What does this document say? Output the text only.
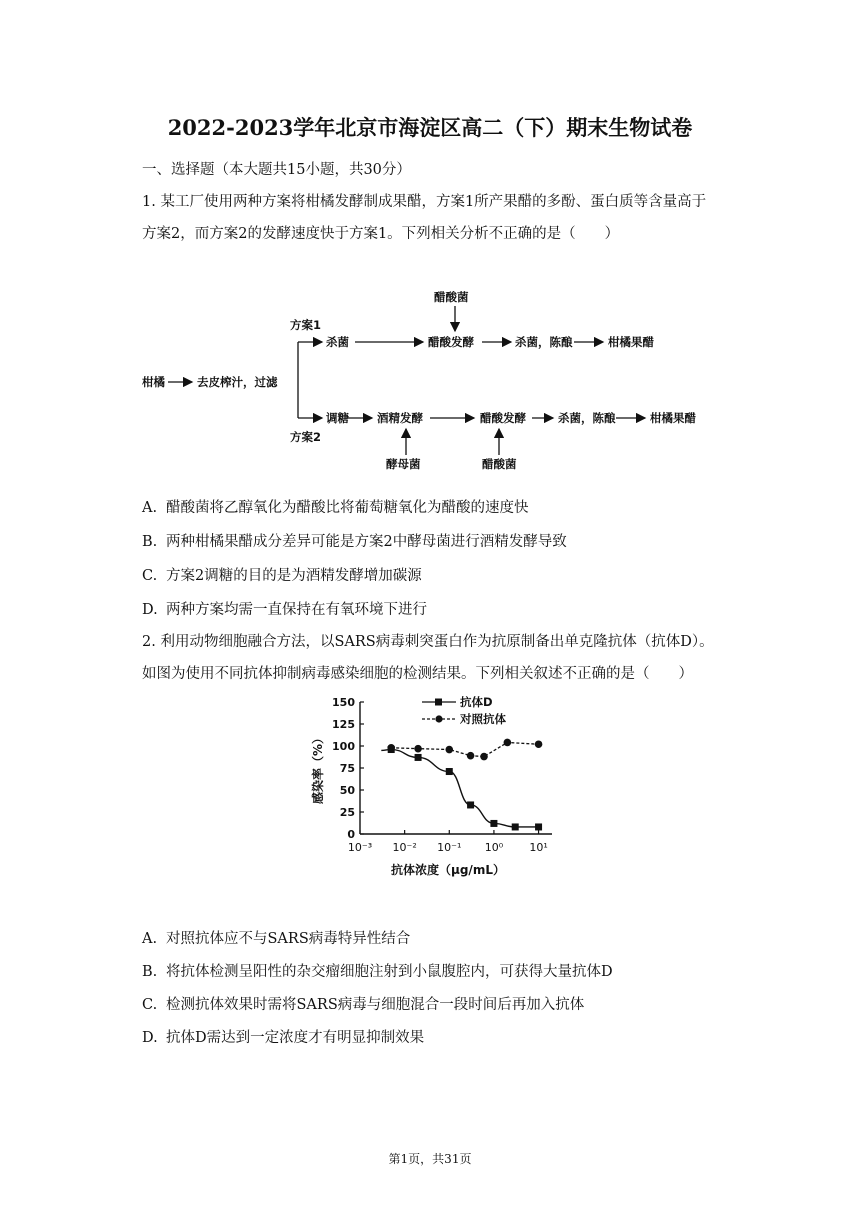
2022-2023学年北京市海淀区高二（下）期末生物试卷
一、选择题（本大题共15小题，共30分）
1. 某工厂使用两种方案将柑橘发酵制成果醋，方案1所产果醋的多酚、蛋白质等含量高于
方案2，而方案2的发酵速度快于方案1。下列相关分析不正确的是（　　）
柑橘	去皮榨汁，过滤
方案1
方案2
杀菌	醋酸发酵
醋酸菌
杀菌，陈酿	柑橘果醋
调糖 酒精发酵
酵母菌
醋酸发酵
醋酸菌
杀菌，陈酿	柑橘果醋
A. 醋酸菌将乙醇氧化为醋酸比将葡萄糖氧化为醋酸的速度快
B. 两种柑橘果醋成分差异可能是方案2中酵母菌进行酒精发酵导致
C. 方案2调糖的目的是为酒精发酵增加碳源
D. 两种方案均需一直保持在有氧环境下进行
2. 利用动物细胞融合方法，以SARS病毒刺突蛋白作为抗原制备出单克隆抗体（抗体D）。
如图为使用不同抗体抑制病毒感染细胞的检测结果。下列相关叙述不正确的是（　　）
0
25
50
75
100
125
150
10⁻³ 10⁻² 10⁻¹ 10⁰ 10¹
抗体浓度（μg/mL）
感染率（%）
抗体D
对照抗体
A. 对照抗体应不与SARS病毒特异性结合
B. 将抗体检测呈阳性的杂交瘤细胞注射到小鼠腹腔内，可获得大量抗体D
C. 检测抗体效果时需将SARS病毒与细胞混合一段时间后再加入抗体
D. 抗体D需达到一定浓度才有明显抑制效果
第1页，共31页
